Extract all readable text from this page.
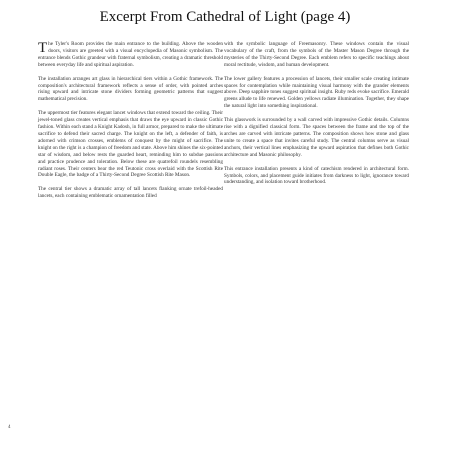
Excerpt From Cathedral of Light (page 4)

The Tyler's Room provides the main entrance to the building. Above the wooden doors, visitors are greeted with a visual encyclopedia of Masonic symbolism. The entrance blends Gothic grandeur with fraternal symbolism, creating a dramatic threshold between everyday life and spiritual aspiration.

The installation arranges art glass in hierarchical tiers within a Gothic framework. The composition's architectural framework reflects a sense of order, with pointed arches rising upward and intricate stone dividers forming geometric patterns that suggest mathematical precision.

The uppermost tier features elegant lancet windows that extend toward the ceiling. Their jewel-toned glass creates vertical emphasis that draws the eye upward in classic Gothic fashion. Within each stand a Knight Kadosh, in full armor, prepared to make the ultimate sacrifice to defend their sacred charge. The knight on the left, a defender of faith, is adorned with crimson crosses, emblems of conquest by the might of sacrifice. The knight on the right is a champion of freedom and state. Above him shines the six-pointed star of wisdom, and below rests the guarded heart, reminding him to subdue passions and practice prudence and toleration. Below these are quatrefoil roundels resembling radiant roses. Their centers bear the red Teutonic cross overlaid with the Scottish Rite Double Eagle, the badge of a Thirty-Second Degree Scottish Rite Mason.

The central tier shows a dramatic array of tall lancets flanking ornate trefoil-headed lancets, each containing emblematic ornamentation filled

with the symbolic language of Freemasonry. These windows contain the visual vocabulary of the craft, from the symbols of the Master Mason Degree through the mysteries of the Thirty-Second Degree. Each emblem refers to specific teachings about moral rectitude, wisdom, and human development.

The lower gallery features a procession of lancets, their smaller scale creating intimate spaces for contemplation while maintaining visual harmony with the grander elements above. Deep sapphire tones suggest spiritual insight. Ruby reds evoke sacrifice. Emerald greens allude to life renewed. Golden yellows radiate illumination. Together, they shape the natural light into something inspirational.

This glasswork is surrounded by a wall carved with impressive Gothic details. Columns rise with a dignified classical form. The spaces between the frame and the top of the arches are carved with intricate patterns. The composition shows how stone and glass unite to create a space that invites careful study. The central columns serve as visual anchors, their vertical lines emphasizing the upward aspiration that defines both Gothic architecture and Masonic philosophy.

This entrance installation presents a kind of catechism rendered in architectural form. Symbols, colors, and placement guide initiates from darkness to light, ignorance toward understanding, and isolation toward brotherhood.

4
